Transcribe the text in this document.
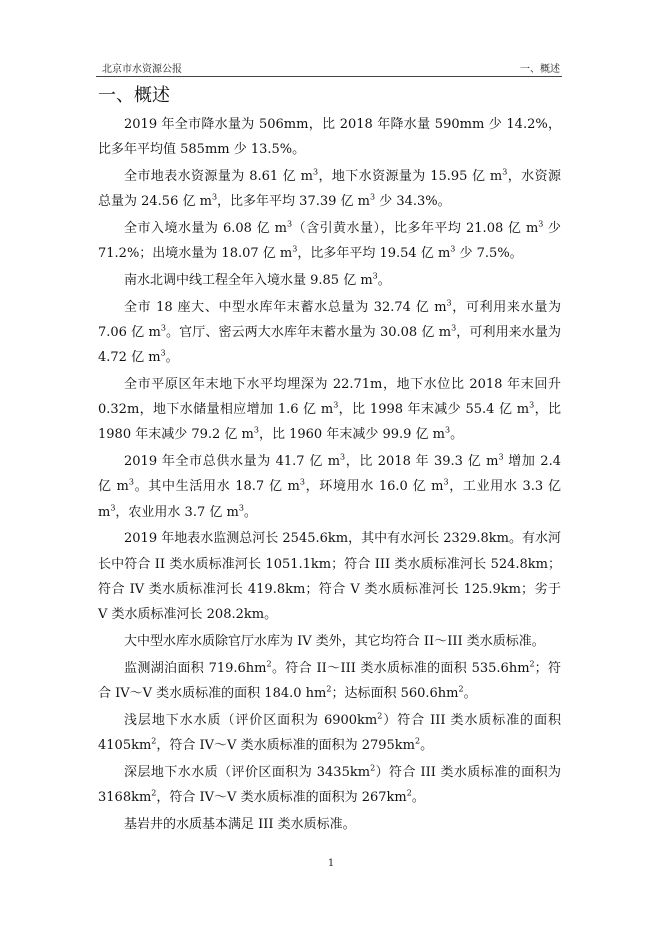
北京市水资源公报	一、概述
一、概述

2019 年全市降水量为 506mm，比 2018 年降水量 590mm 少 14.2%，比多年平均值 585mm 少 13.5%。

全市地表水资源量为 8.61 亿 $m^3$，地下水资源量为 15.95 亿 $m^3$，水资源总量为 24.56 亿 $m^3$，比多年平均 37.39 亿 $m^3$ 少 34.3%。

全市入境水量为 6.08 亿 $m^3$（含引黄水量），比多年平均 21.08 亿 $m^3$ 少 71.2%；出境水量为 18.07 亿 $m^3$，比多年平均 19.54 亿 $m^3$ 少 7.5%。

南水北调中线工程全年入境水量 9.85 亿 $m^3$。

全市 18 座大、中型水库年末蓄水总量为 32.74 亿 $m^3$，可利用来水量为 7.06 亿 $m^3$。官厅、密云两大水库年末蓄水量为 30.08 亿 $m^3$，可利用来水量为 4.72 亿 $m^3$。

全市平原区年末地下水平均埋深为 22.71m，地下水位比 2018 年末回升 0.32m，地下水储量相应增加 1.6 亿 $m^3$，比 1998 年末减少 55.4 亿 $m^3$，比 1980 年末减少 79.2 亿 $m^3$，比 1960 年末减少 99.9 亿 $m^3$。

2019 年全市总供水量为 41.7 亿 $m^3$，比 2018 年 39.3 亿 $m^3$ 增加 2.4 亿 $m^3$。其中生活用水 18.7 亿 $m^3$，环境用水 16.0 亿 $m^3$，工业用水 3.3 亿 $m^3$，农业用水 3.7 亿 $m^3$。

2019 年地表水监测总河长 2545.6km，其中有水河长 2329.8km。有水河长中符合 II 类水质标准河长 1051.1km；符合 III 类水质标准河长 524.8km；符合 IV 类水质标准河长 419.8km；符合 V 类水质标准河长 125.9km；劣于 V 类水质标准河长 208.2km。

大中型水库水质除官厅水库为 IV 类外，其它均符合 II～III 类水质标准。

监测湖泊面积 $719.6hm^2$。符合 II～III 类水质标准的面积 $535.6hm^2$；符合 IV～V 类水质标准的面积 184.0 $hm^2$；达标面积 $560.6hm^2$。

浅层地下水水质（评价区面积为 $6900km^2$）符合 III 类水质标准的面积 $4105km^2$，符合 IV～V 类水质标准的面积为 $2795km^2$。

深层地下水水质（评价区面积为 $3435km^2$）符合 III 类水质标准的面积为 $3168km^2$，符合 IV～V 类水质标准的面积为 $267km^2$。

基岩井的水质基本满足 III 类水质标准。

1
